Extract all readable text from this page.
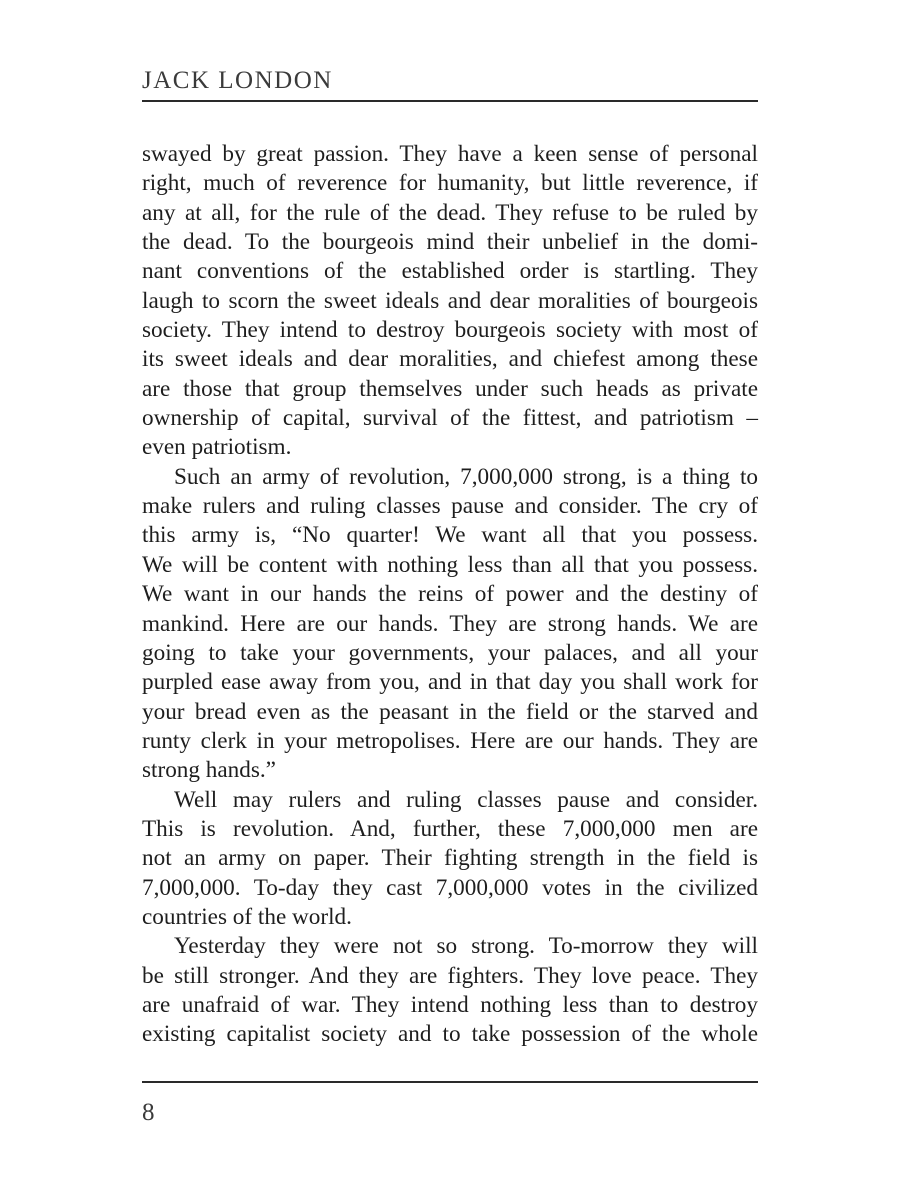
JACK LONDON
swayed by great passion. They have a keen sense of personal
right, much of reverence for humanity, but little reverence, if
any at all, for the rule of the dead. They refuse to be ruled by
the dead. To the bourgeois mind their unbelief in the domi-
nant conventions of the established order is startling. They
laugh to scorn the sweet ideals and dear moralities of bourgeois
society. They intend to destroy bourgeois society with most of
its sweet ideals and dear moralities, and chiefest among these
are those that group themselves under such heads as private
ownership of capital, survival of the fittest, and patriotism –
even patriotism.
Such an army of revolution, 7,000,000 strong, is a thing to
make rulers and ruling classes pause and consider. The cry of
this army is, “No quarter! We want all that you possess.
We will be content with nothing less than all that you possess.
We want in our hands the reins of power and the destiny of
mankind. Here are our hands. They are strong hands. We are
going to take your governments, your palaces, and all your
purpled ease away from you, and in that day you shall work for
your bread even as the peasant in the field or the starved and
runty clerk in your metropolises. Here are our hands. They are
strong hands.”
Well may rulers and ruling classes pause and consider.
This is revolution. And, further, these 7,000,000 men are
not an army on paper. Their fighting strength in the field is
7,000,000. To-day they cast 7,000,000 votes in the civilized
countries of the world.
Yesterday they were not so strong. To-morrow they will
be still stronger. And they are fighters. They love peace. They
are unafraid of war. They intend nothing less than to destroy
existing capitalist society and to take possession of the whole
8
